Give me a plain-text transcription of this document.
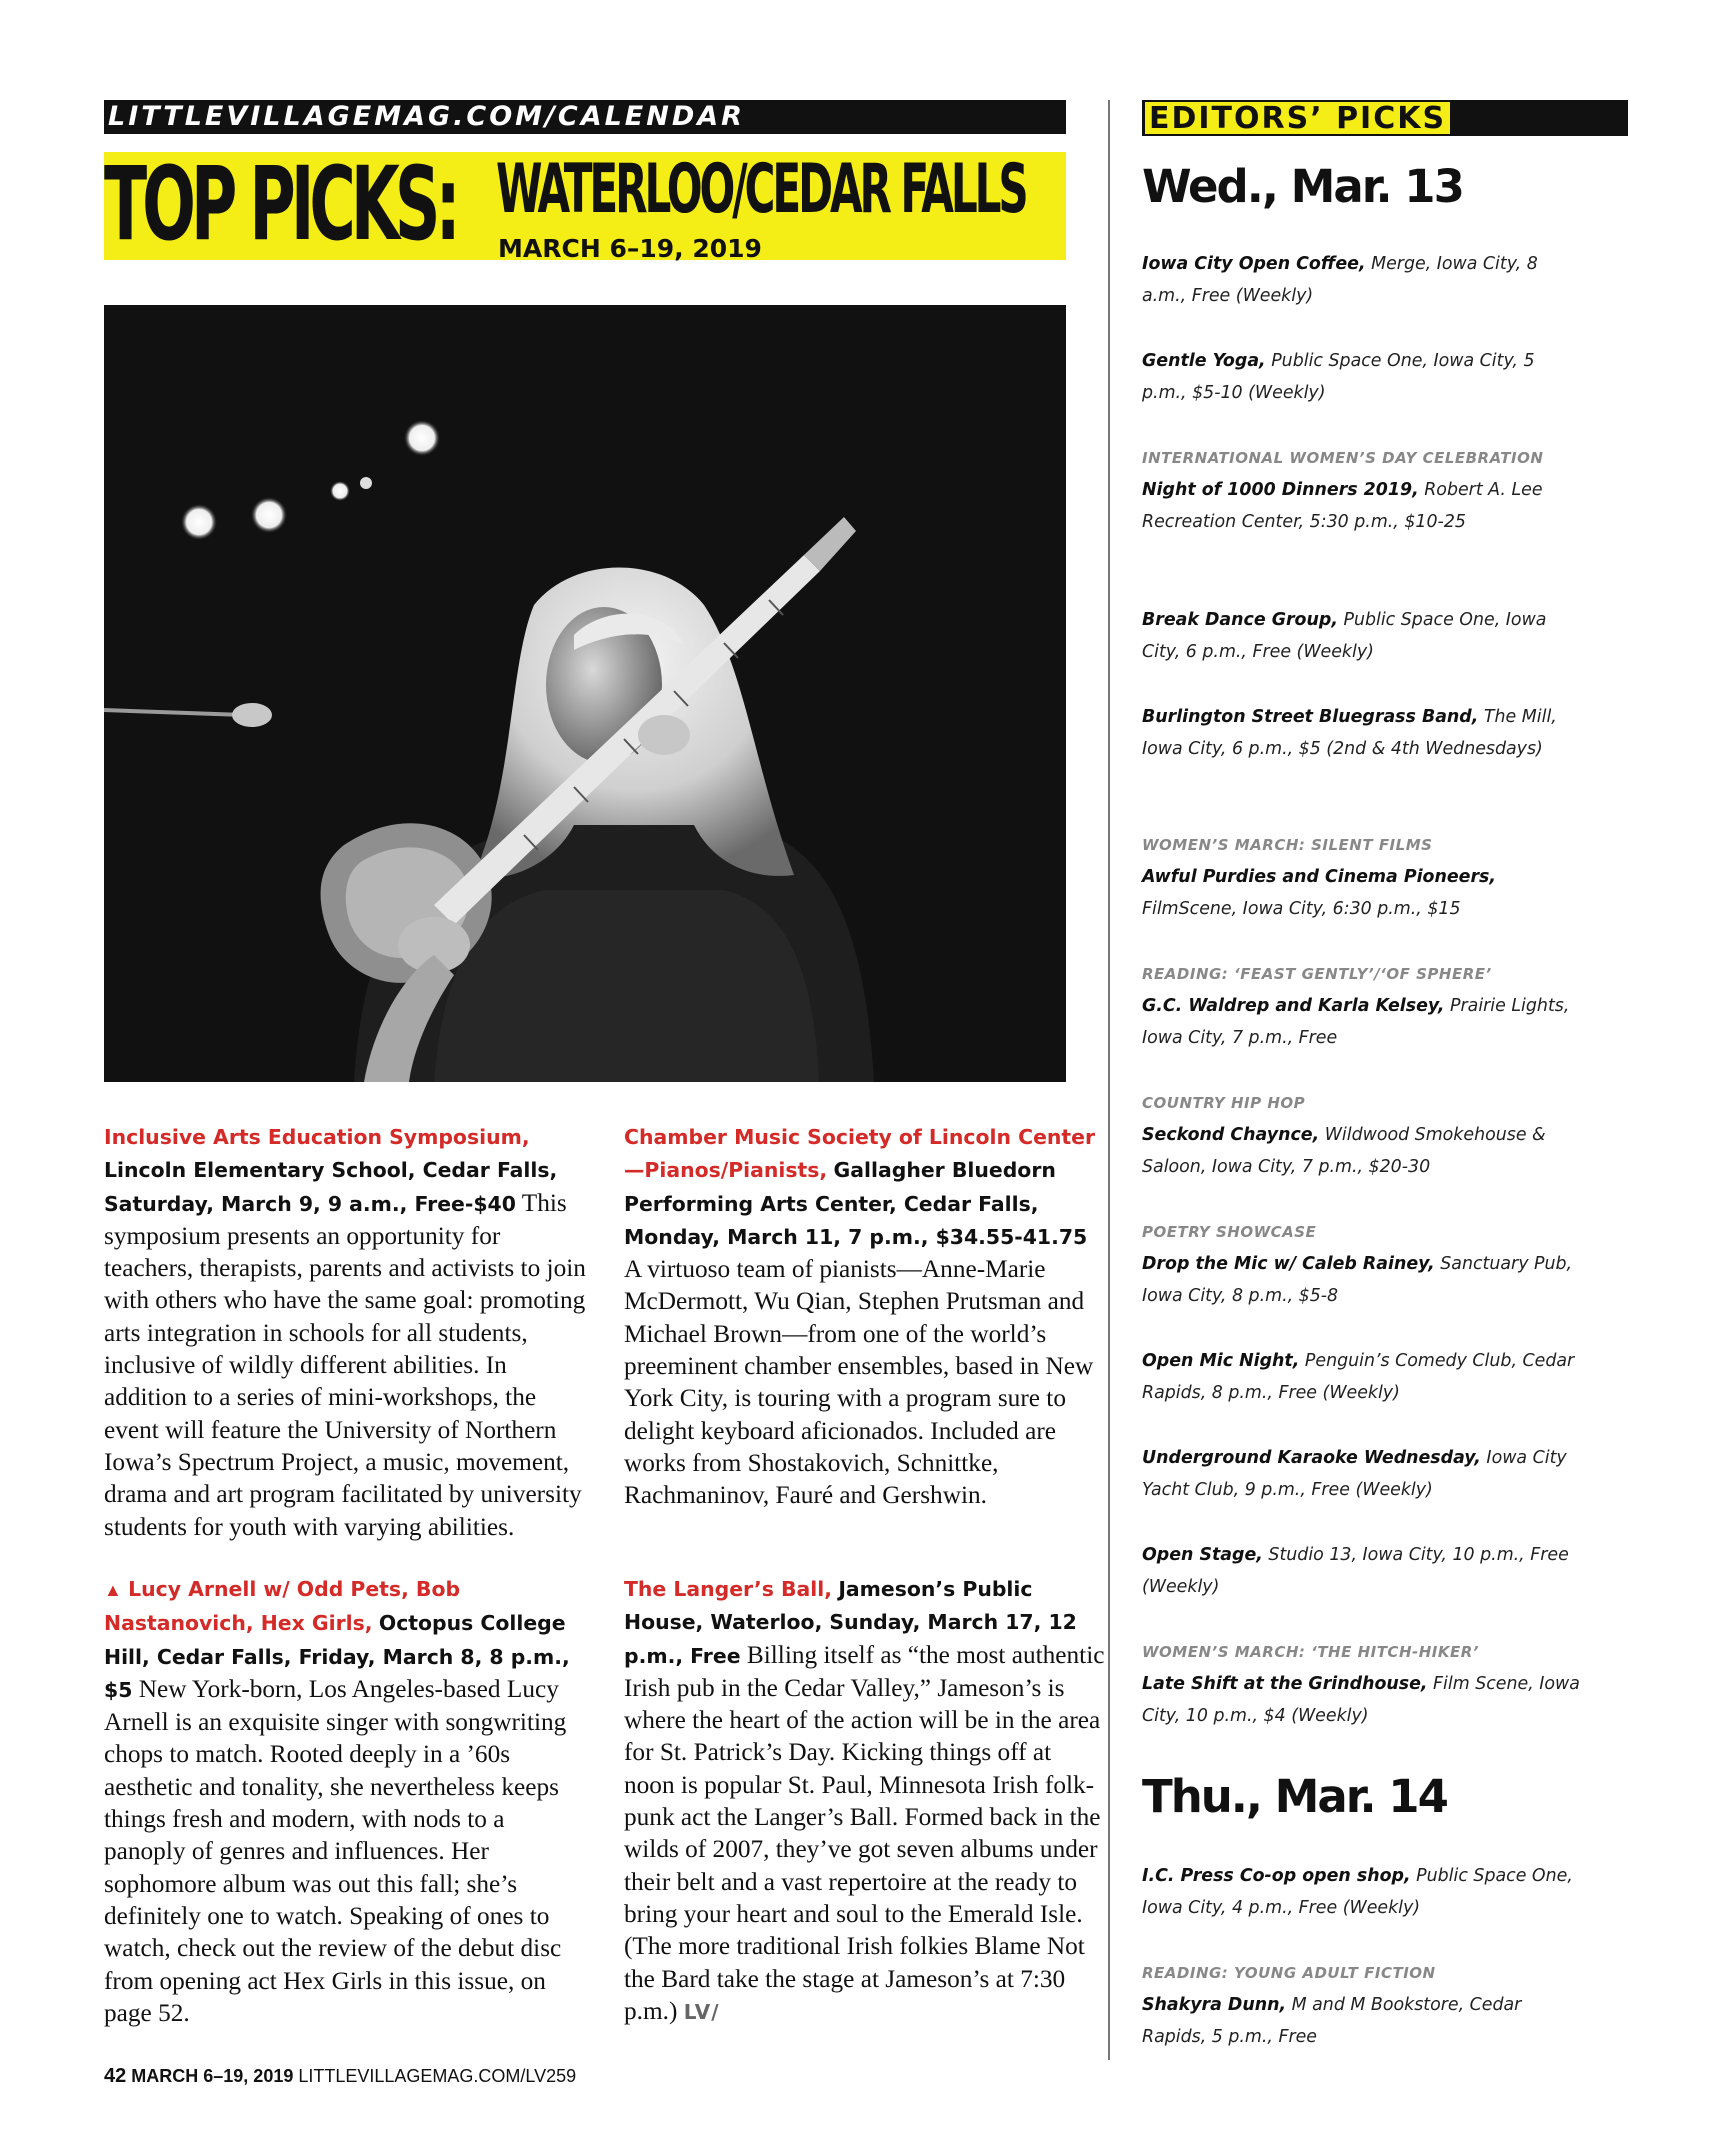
LITTLEVILLAGEMAG.COM/CALENDAR
TOP PICKS: WATERLOO/CEDAR FALLS
MARCH 6–19, 2019
Inclusive Arts Education Symposium, Lincoln Elementary School, Cedar Falls, Saturday, March 9, 9 a.m., Free-$40 This symposium presents an opportunity for teachers, therapists, parents and activists to join with others who have the same goal: promoting arts integration in schools for all students, inclusive of wildly different abilities. In addition to a series of mini-workshops, the event will feature the University of Northern Iowa’s Spectrum Project, a music, movement, drama and art program facilitated by university students for youth with varying abilities.
▲ Lucy Arnell w/ Odd Pets, Bob Nastanovich, Hex Girls, Octopus College Hill, Cedar Falls, Friday, March 8, 8 p.m., $5 New York-born, Los Angeles-based Lucy Arnell is an exquisite singer with songwriting chops to match. Rooted deeply in a ’60s aesthetic and tonality, she nevertheless keeps things fresh and modern, with nods to a panoply of genres and influences. Her sophomore album was out this fall; she’s definitely one to watch. Speaking of ones to watch, check out the review of the debut disc from opening act Hex Girls in this issue, on page 52.
Chamber Music Society of Lincoln Center—Pianos/Pianists, Gallagher Bluedorn Performing Arts Center, Cedar Falls, Monday, March 11, 7 p.m., $34.55-41.75 A virtuoso team of pianists—Anne-Marie McDermott, Wu Qian, Stephen Prutsman and Michael Brown—from one of the world’s preeminent chamber ensembles, based in New York City, is touring with a program sure to delight keyboard aficionados. Included are works from Shostakovich, Schnittke, Rachmaninov, Fauré and Gershwin.
The Langer’s Ball, Jameson’s Public House, Waterloo, Sunday, March 17, 12 p.m., Free Billing itself as “the most authentic Irish pub in the Cedar Valley,” Jameson’s is where the heart of the action will be in the area for St. Patrick’s Day. Kicking things off at noon is popular St. Paul, Minnesota Irish folk-punk act the Langer’s Ball. Formed back in the wilds of 2007, they’ve got seven albums under their belt and a vast repertoire at the ready to bring your heart and soul to the Emerald Isle. (The more traditional Irish folkies Blame Not the Bard take the stage at Jameson’s at 7:30 p.m.) LV/
42 MARCH 6–19, 2019 LITTLEVILLAGEMAG.COM/LV259
EDITORS’ PICKS
Wed., Mar. 13
Iowa City Open Coffee, Merge, Iowa City, 8 a.m., Free (Weekly)
Gentle Yoga, Public Space One, Iowa City, 5 p.m., $5-10 (Weekly)
INTERNATIONAL WOMEN’S DAY CELEBRATION
Night of 1000 Dinners 2019, Robert A. Lee Recreation Center, 5:30 p.m., $10-25
Break Dance Group, Public Space One, Iowa City, 6 p.m., Free (Weekly)
Burlington Street Bluegrass Band, The Mill, Iowa City, 6 p.m., $5 (2nd & 4th Wednesdays)
WOMEN’S MARCH: SILENT FILMS
Awful Purdies and Cinema Pioneers, FilmScene, Iowa City, 6:30 p.m., $15
READING: ‘FEAST GENTLY’/‘OF SPHERE’
G.C. Waldrep and Karla Kelsey, Prairie Lights, Iowa City, 7 p.m., Free
COUNTRY HIP HOP
Seckond Chaynce, Wildwood Smokehouse & Saloon, Iowa City, 7 p.m., $20-30
POETRY SHOWCASE
Drop the Mic w/ Caleb Rainey, Sanctuary Pub, Iowa City, 8 p.m., $5-8
Open Mic Night, Penguin’s Comedy Club, Cedar Rapids, 8 p.m., Free (Weekly)
Underground Karaoke Wednesday, Iowa City Yacht Club, 9 p.m., Free (Weekly)
Open Stage, Studio 13, Iowa City, 10 p.m., Free (Weekly)
WOMEN’S MARCH: ‘THE HITCH-HIKER’
Late Shift at the Grindhouse, Film Scene, Iowa City, 10 p.m., $4 (Weekly)
Thu., Mar. 14
I.C. Press Co-op open shop, Public Space One, Iowa City, 4 p.m., Free (Weekly)
READING: YOUNG ADULT FICTION
Shakyra Dunn, M and M Bookstore, Cedar Rapids, 5 p.m., Free
